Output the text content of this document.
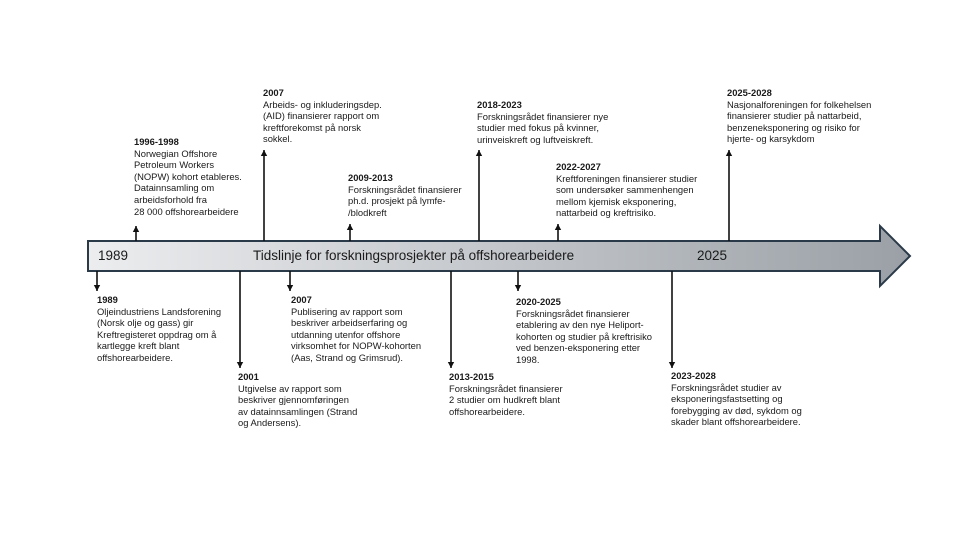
1989	Tidslinje for forskningsprosjekter på offshorearbeidere	2025
1996-1998
Norwegian Offshore
Petroleum Workers
(NOPW) kohort etableres.
Datainnsamling om
arbeidsforhold fra
28 000 offshorearbeidere
2007
Arbeids- og inkluderingsdep.
(AID) finansierer rapport om
kreftforekomst på norsk
sokkel.
2009-2013
Forskningsrådet finansierer
ph.d. prosjekt på lymfe-
/blodkreft
2018-2023
Forskningsrådet finansierer nye
studier med fokus på kvinner,
urinveiskreft og luftveiskreft.
2022-2027
Kreftforeningen finansierer studier
som undersøker sammenhengen
mellom kjemisk eksponering,
nattarbeid og kreftrisiko.
2025-2028
Nasjonalforeningen for folkehelsen
finansierer studier på nattarbeid,
benzeneksponering og risiko for
hjerte- og karsykdom
1989
Oljeindustriens Landsforening
(Norsk olje og gass) gir
Kreftregisteret oppdrag om å
kartlegge kreft blant
offshorearbeidere.
2001
Utgivelse av rapport som
beskriver gjennomføringen
av datainnsamlingen (Strand
og Andersens).
2007
Publisering av rapport som
beskriver arbeidserfaring og
utdanning utenfor offshore
virksomhet for NOPW-kohorten
(Aas, Strand og Grimsrud).
2013-2015
Forskningsrådet finansierer
2 studier om hudkreft blant
offshorearbeidere.
2020-2025
Forskningsrådet finansierer
etablering av den nye Heliport-
kohorten og studier på kreftrisiko
ved benzen-eksponering etter
1998.
2023-2028
Forskningsrådet studier av
eksponeringsfastsetting og
forebygging av død, sykdom og
skader blant offshorearbeidere.
